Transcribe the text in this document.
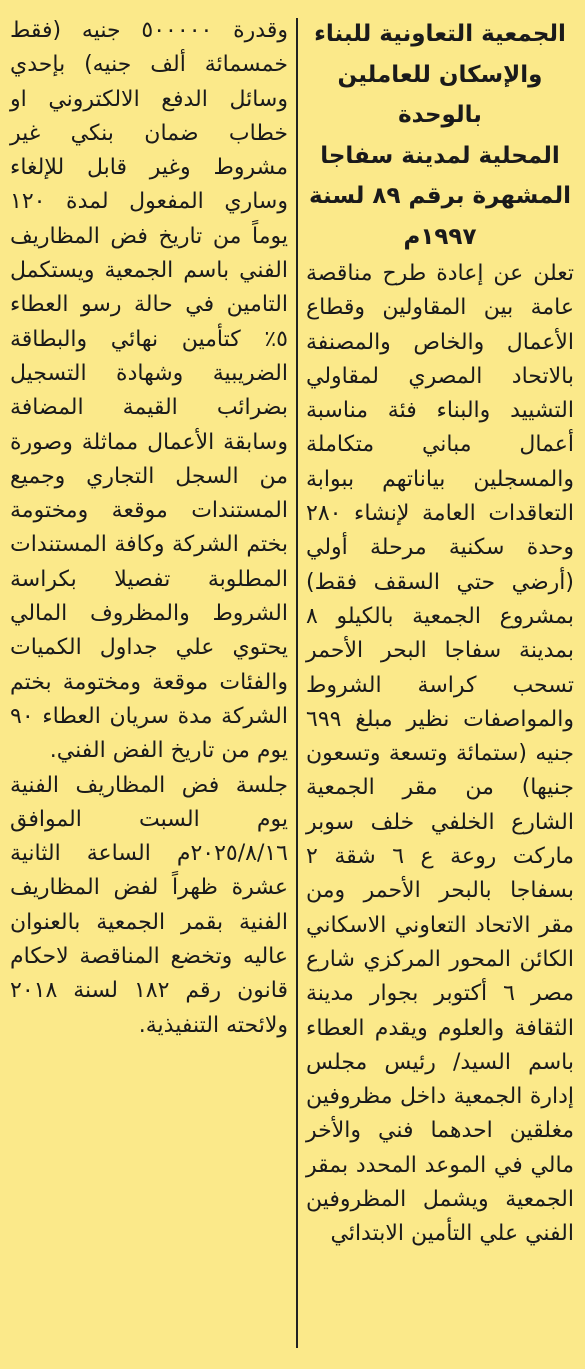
الجمعية التعاونية للبناء
والإسكان للعاملين بالوحدة
المحلية لمدينة سفاجا
المشهرة برقم ٨٩ لسنة ١٩٩٧م

تعلن عن إعادة طرح مناقصة عامة بين المقاولين وقطاع الأعمال والخاص والمصنفة بالاتحاد المصري لمقاولي التشييد والبناء فئة مناسبة أعمال مباني متكاملة والمسجلين بياناتهم ببوابة التعاقدات العامة لإنشاء ٢٨٠ وحدة سكنية مرحلة أولي (أرضي حتي السقف فقط) بمشروع الجمعية بالكيلو ٨ بمدينة سفاجا البحر الأحمر تسحب كراسة الشروط والمواصفات نظير مبلغ ٦٩٩ جنيه (ستمائة وتسعة وتسعون جنيها) من مقر الجمعية الشارع الخلفي خلف سوبر ماركت روعة ع ٦ شقة ٢ بسفاجا بالبحر الأحمر ومن مقر الاتحاد التعاوني الاسكاني الكائن المحور المركزي شارع مصر ٦ أكتوبر بجوار مدينة الثقافة والعلوم ويقدم العطاء باسم السيد/ رئيس مجلس إدارة الجمعية داخل مظروفين مغلقين احدهما فني والأخر مالي في الموعد المحدد بمقر الجمعية ويشمل المظروفين الفني علي التأمين الابتدائي

وقدرة ٥٠٠٠٠٠ جنيه (فقط خمسمائة ألف جنيه) بإحدي وسائل الدفع الالكتروني او خطاب ضمان بنكي غير مشروط وغير قابل للإلغاء وساري المفعول لمدة ١٢٠ يوماً من تاريخ فض المظاريف الفني باسم الجمعية ويستكمل التامين في حالة رسو العطاء ٥٪ كتأمين نهائي والبطاقة الضريبية وشهادة التسجيل بضرائب القيمة المضافة وسابقة الأعمال مماثلة وصورة من السجل التجاري وجميع المستندات موقعة ومختومة بختم الشركة وكافة المستندات المطلوبة تفصيلا بكراسة الشروط والمظروف المالي يحتوي علي جداول الكميات والفئات موقعة ومختومة بختم الشركة مدة سريان العطاء ٩٠ يوم من تاريخ الفض الفني.

جلسة فض المظاريف الفنية يوم السبت الموافق ٢٠٢٥/٨/١٦م الساعة الثانية عشرة ظهراً لفض المظاريف الفنية بقمر الجمعية بالعنوان عاليه وتخضع المناقصة لاحكام قانون رقم ١٨٢ لسنة ٢٠١٨ ولائحته التنفيذية.
